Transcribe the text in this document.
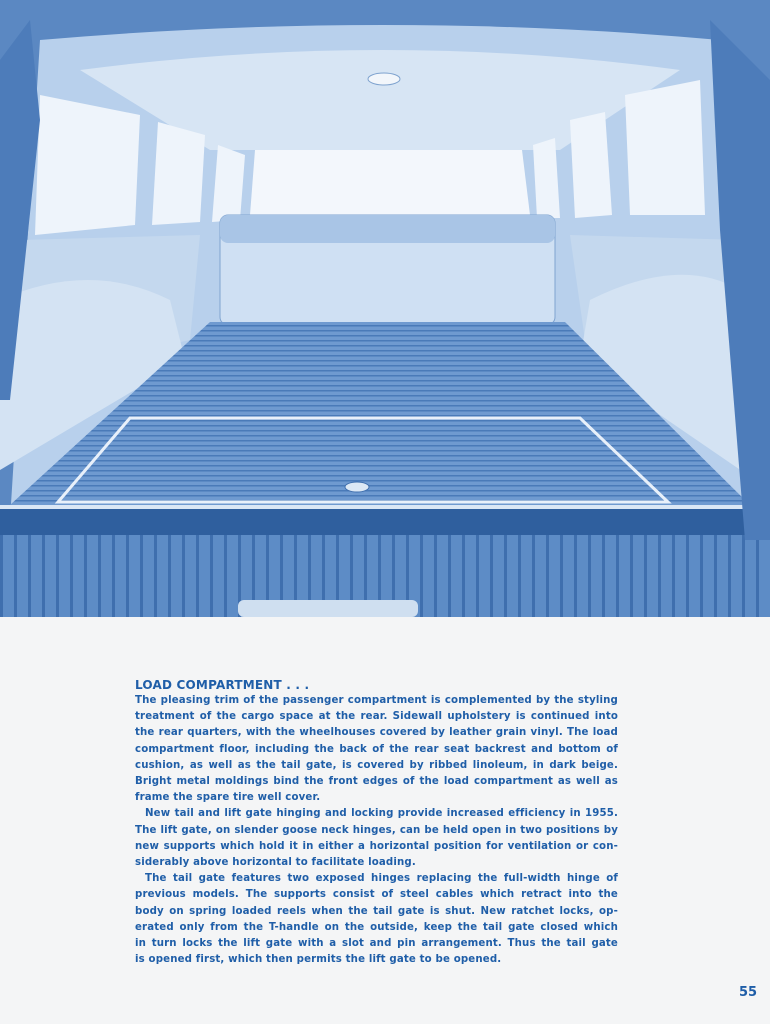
LOAD COMPARTMENT . . .
The pleasing trim of the passenger compartment is complemented by the styling
treatment of the cargo space at the rear. Sidewall upholstery is continued into
the rear quarters, with the wheelhouses covered by leather grain vinyl. The load
compartment floor, including the back of the rear seat backrest and bottom of
cushion, as well as the tail gate, is covered by ribbed linoleum, in dark beige.
Bright metal moldings bind the front edges of the load compartment as well as
frame the spare tire well cover.
New tail and lift gate hinging and locking provide increased efficiency in 1955.
The lift gate, on slender goose neck hinges, can be held open in two positions by
new supports which hold it in either a horizontal position for ventilation or con-
siderably above horizontal to facilitate loading.
The tail gate features two exposed hinges replacing the full-width hinge of
previous models. The supports consist of steel cables which retract into the
body on spring loaded reels when the tail gate is shut. New ratchet locks, op-
erated only from the T-handle on the outside, keep the tail gate closed which
in turn locks the lift gate with a slot and pin arrangement. Thus the tail gate
is opened first, which then permits the lift gate to be opened.
55
